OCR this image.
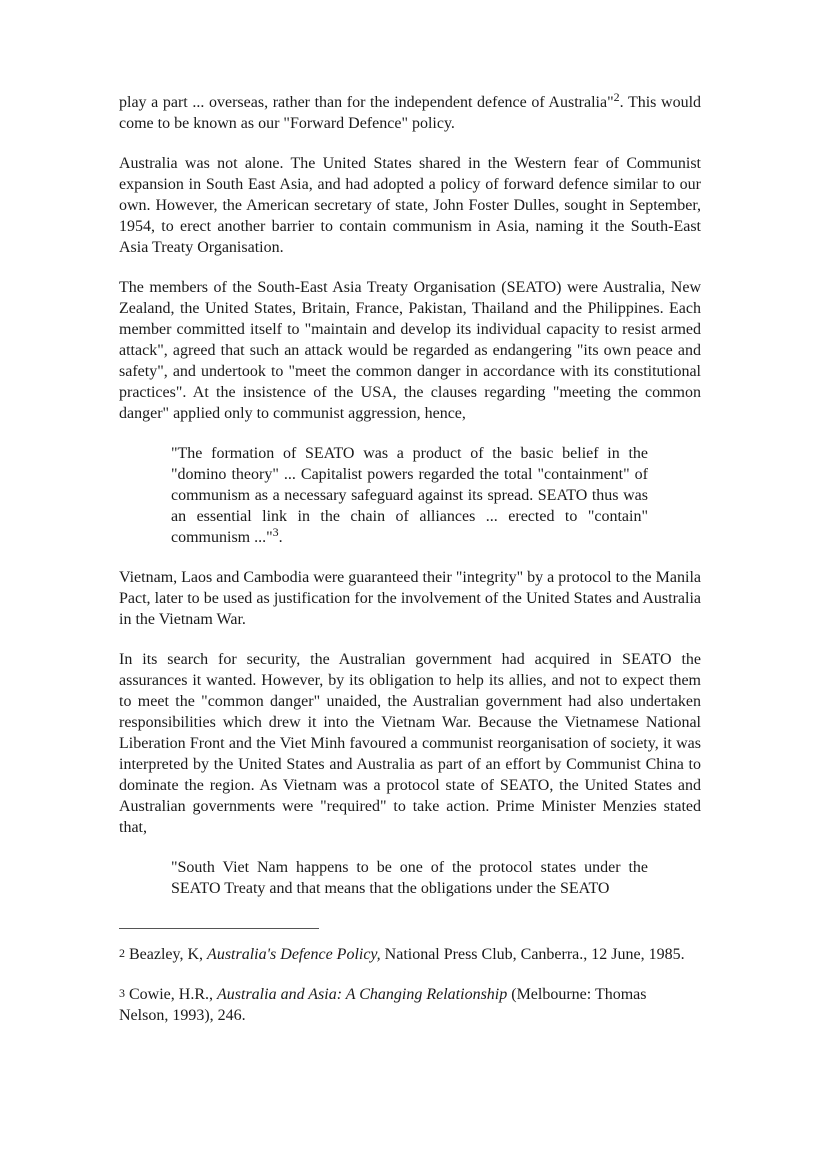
play a part ... overseas, rather than for the independent defence of Australia"$^2$. This would come to be known as our "Forward Defence" policy.

Australia was not alone. The United States shared in the Western fear of Communist expansion in South East Asia, and had adopted a policy of forward defence similar to our own. However, the American secretary of state, John Foster Dulles, sought in September, 1954, to erect another barrier to contain communism in Asia, naming it the South-East Asia Treaty Organisation.

The members of the South-East Asia Treaty Organisation (SEATO) were Australia, New Zealand, the United States, Britain, France, Pakistan, Thailand and the Philippines. Each member committed itself to "maintain and develop its individual capacity to resist armed attack", agreed that such an attack would be regarded as endangering "its own peace and safety", and undertook to "meet the common danger in accordance with its constitutional practices". At the insistence of the USA, the clauses regarding "meeting the common danger" applied only to communist aggression, hence,

"The formation of SEATO was a product of the basic belief in the "domino theory" ... Capitalist powers regarded the total "containment" of communism as a necessary safeguard against its spread. SEATO thus was an essential link in the chain of alliances ... erected to "contain" communism ..."$^3$.

Vietnam, Laos and Cambodia were guaranteed their "integrity" by a protocol to the Manila Pact, later to be used as justification for the involvement of the United States and Australia in the Vietnam War.

In its search for security, the Australian government had acquired in SEATO the assurances it wanted. However, by its obligation to help its allies, and not to expect them to meet the "common danger" unaided, the Australian government had also undertaken responsibilities which drew it into the Vietnam War. Because the Vietnamese National Liberation Front and the Viet Minh favoured a communist reorganisation of society, it was interpreted by the United States and Australia as part of an effort by Communist China to dominate the region. As Vietnam was a protocol state of SEATO, the United States and Australian governments were "required" to take action. Prime Minister Menzies stated that,

"South Viet Nam happens to be one of the protocol states under the SEATO Treaty and that means that the obligations under the SEATO
$^2$ Beazley, K, Australia's Defence Policy, National Press Club, Canberra., 12 June, 1985.
$^3$ Cowie, H.R., Australia and Asia: A Changing Relationship (Melbourne: Thomas Nelson, 1993), 246.
